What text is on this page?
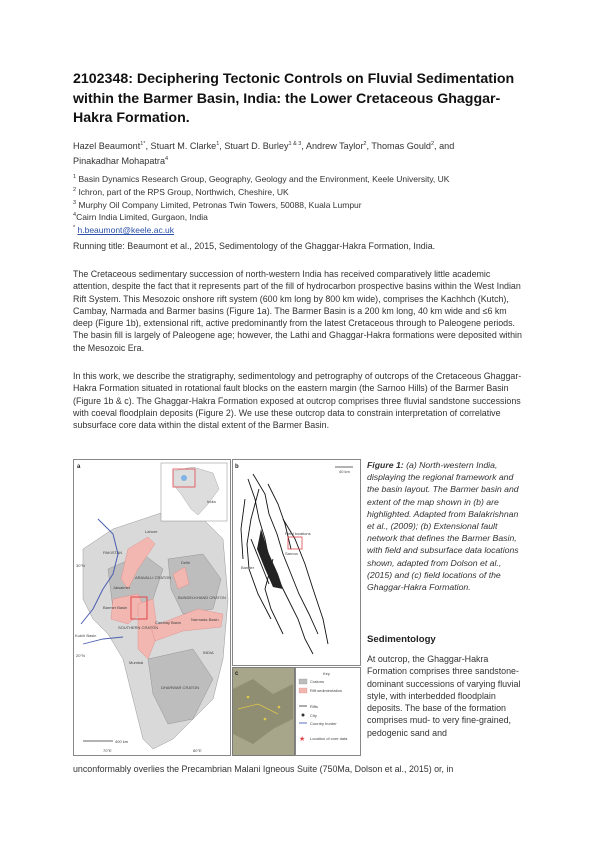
2102348: Deciphering Tectonic Controls on Fluvial Sedimentation within the Barmer Basin, India: the Lower Cretaceous Ghaggar-Hakra Formation.
Hazel Beaumont$^{1*}$, Stuart M. Clarke$^1$, Stuart D. Burley$^{1 \& 3}$, Andrew Taylor$^2$, Thomas Gould$^2$, and
Pinakadhar Mohapatra$^4$
$^1$ Basin Dynamics Research Group, Geography, Geology and the Environment, Keele University, UK
$^2$ Ichron, part of the RPS Group, Northwich, Cheshire, UK
$^3$ Murphy Oil Company Limited, Petronas Twin Towers, 50088, Kuala Lumpur
$^4$Cairn India Limited, Gurgaon, India
* h.beaumont@keele.ac.uk
Running title: Beaumont et al., 2015, Sedimentology of the Ghaggar-Hakra Formation, India.
The Cretaceous sedimentary succession of north-western India has received comparatively little academic attention, despite the fact that it represents part of the fill of hydrocarbon prospective basins within the West Indian Rift System. This Mesozoic onshore rift system (600 km long by 800 km wide), comprises the Kachhch (Kutch), Cambay, Narmada and Barmer basins (Figure 1a). The Barmer Basin is a 200 km long, 40 km wide and ≤6 km deep (Figure 1b), extensional rift, active predominantly from the latest Cretaceous through to Paleogene periods. The basin fill is largely of Paleogene age; however, the Lathi and Ghaggar-Hakra formations were deposited within the Mesozoic Era.
In this work, we describe the stratigraphy, sedimentology and petrography of outcrops of the Cretaceous Ghaggar-Hakra Formation situated in rotational fault blocks on the eastern margin (the Sarnoo Hills) of the Barmer Basin (Figure 1b & c). The Ghaggar-Hakra Formation exposed at outcrop comprises three fluvial sandstone successions with coeval floodplain deposits (Figure 2). We use these outcrop data to constrain interpretation of correlative subsurface core data within the distal extent of the Barmer Basin.
India
a
PAKISTAN
Lahore
Delhi
Jaisalmer
Barmer Basin
Kutch Basin
Cambay Basin
Narmada Basin
INDIA
Mumbai
ARAVALLI CRATON
BUNDELKHAND CRATON
DHARWAR CRATON
SOUTHERN CRATON
30°N
20°N
70°E	80°E
400 km
b
Field locations
Sarnoo
Barmer
40 km
c	Key
Cratons
Rift sedimentation
Rifts
City
Country border
★ Location of core data
Figure 1: (a) North-western India, displaying the regional framework and the basin layout. The Barmer basin and extent of the map shown in (b) are highlighted. Adapted from Balakrishnan et al., (2009); (b) Extensional fault network that defines the Barmer Basin, with field and subsurface data locations shown, adapted from Dolson et al., (2015) and (c) field locations of the Ghaggar-Hakra Formation.
Sedimentology
At outcrop, the Ghaggar-Hakra Formation comprises three sandstone-dominant successions of varying fluvial style, with interbedded floodplain deposits. The base of the formation comprises mud- to very fine-grained, pedogenic sand and
unconformably overlies the Precambrian Malani Igneous Suite (750Ma, Dolson et al., 2015) or, in
